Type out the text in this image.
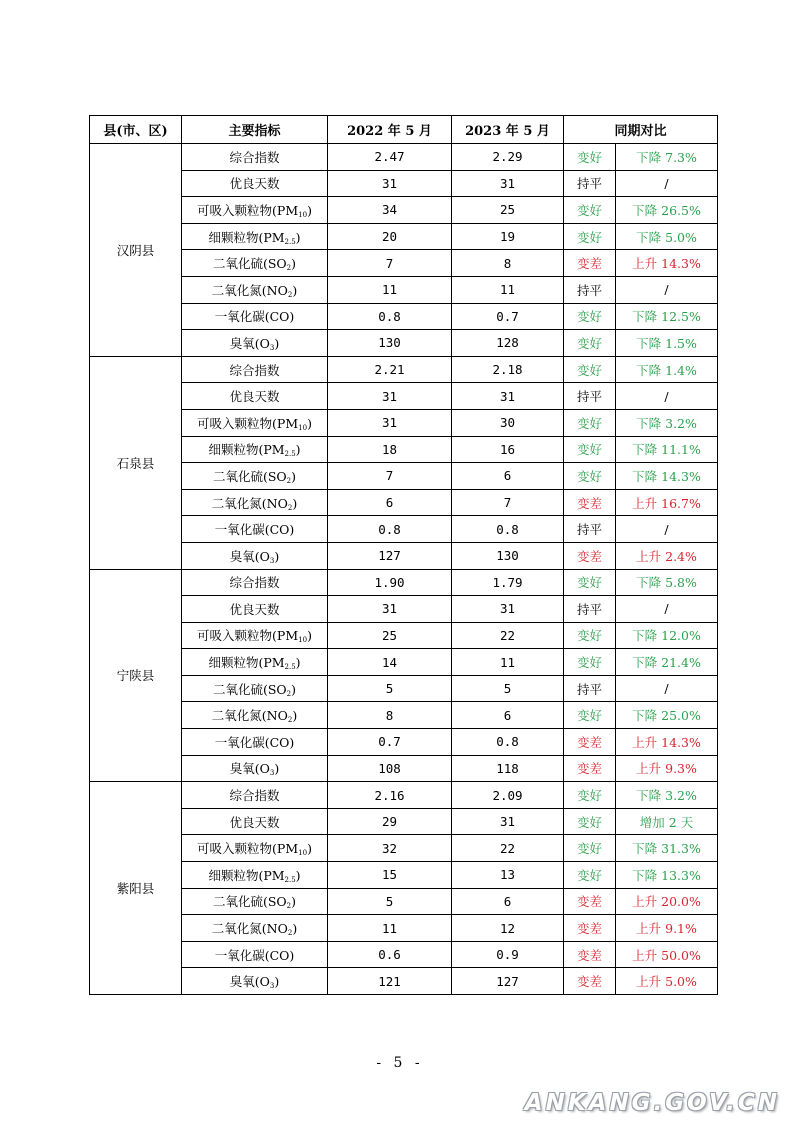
县(市、区)	主要指标	2022 年 5 月	2023 年 5 月	同期对比	
汉阴县	综合指数	2.47	2.29	变好	下降 7.3%
	优良天数	31	31	持平	/
	可吸入颗粒物$(PM_{10})$	34	25	变好	下降 26.5%
	细颗粒物$(PM_{2.5})$	20	19	变好	下降 5.0%
	二氧化硫$(SO_2)$	7	8	变差	上升 14.3%
	二氧化氮$(NO_2)$	11	11	持平	/
	一氧化碳(CO)	0.8	0.7	变好	下降 12.5%
	臭氧$(O_3)$	130	128	变好	下降 1.5%
石泉县	综合指数	2.21	2.18	变好	下降 1.4%
	优良天数	31	31	持平	/
	可吸入颗粒物$(PM_{10})$	31	30	变好	下降 3.2%
	细颗粒物$(PM_{2.5})$	18	16	变好	下降 11.1%
	二氧化硫$(SO_2)$	7	6	变好	下降 14.3%
	二氧化氮$(NO_2)$	6	7	变差	上升 16.7%
	一氧化碳(CO)	0.8	0.8	持平	/
	臭氧$(O_3)$	127	130	变差	上升 2.4%
宁陕县	综合指数	1.90	1.79	变好	下降 5.8%
	优良天数	31	31	持平	/
	可吸入颗粒物$(PM_{10})$	25	22	变好	下降 12.0%
	细颗粒物$(PM_{2.5})$	14	11	变好	下降 21.4%
	二氧化硫$(SO_2)$	5	5	持平	/
	二氧化氮$(NO_2)$	8	6	变好	下降 25.0%
	一氧化碳(CO)	0.7	0.8	变差	上升 14.3%
	臭氧$(O_3)$	108	118	变差	上升 9.3%
紫阳县	综合指数	2.16	2.09	变好	下降 3.2%
	优良天数	29	31	变好	增加 2 天
	可吸入颗粒物$(PM_{10})$	32	22	变好	下降 31.3%
	细颗粒物$(PM_{2.5})$	15	13	变好	下降 13.3%
	二氧化硫$(SO_2)$	5	6	变差	上升 20.0%
	二氧化氮$(NO_2)$	11	12	变差	上升 9.1%
	一氧化碳(CO)	0.6	0.9	变差	上升 50.0%
	臭氧$(O_3)$	121	127	变差	上升 5.0%
- 5 -
ANKANG.GOV.CN
